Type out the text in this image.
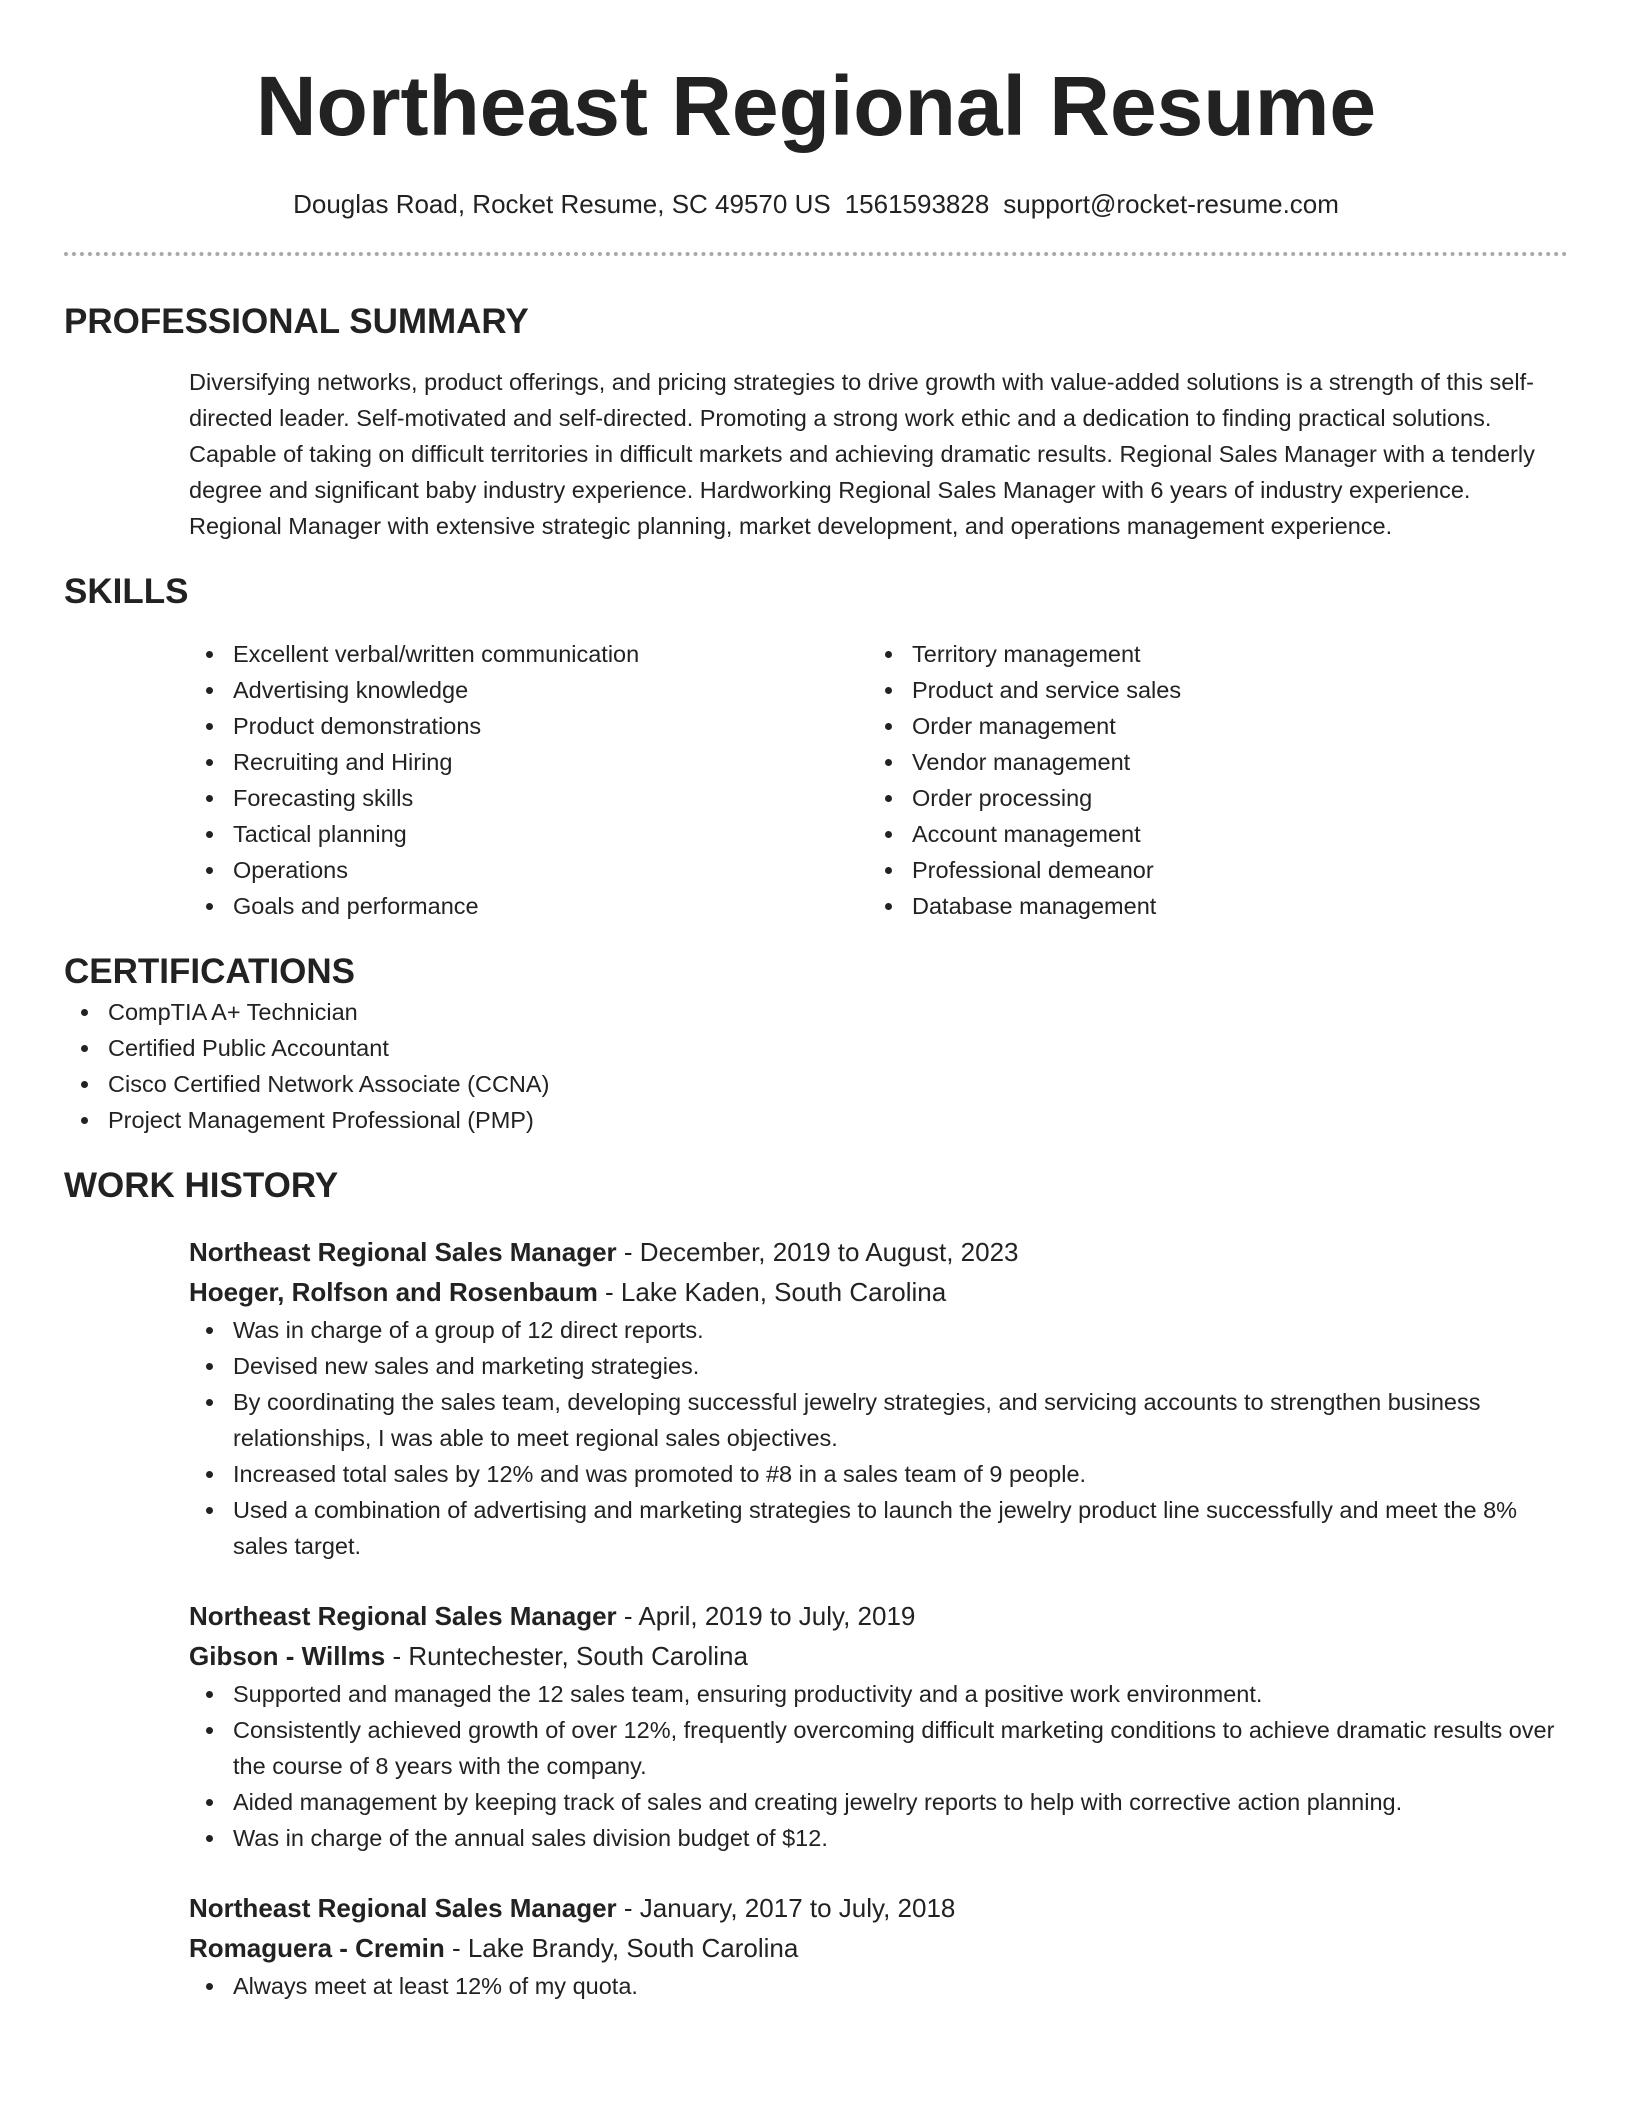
Northeast Regional Resume
Douglas Road, Rocket Resume, SC 49570 US 1561593828 support@rocket-resume.com
PROFESSIONAL SUMMARY

Diversifying networks, product offerings, and pricing strategies to drive growth with value-added solutions is a strength of this self-directed leader. Self-motivated and self-directed. Promoting a strong work ethic and a dedication to finding practical solutions. Capable of taking on difficult territories in difficult markets and achieving dramatic results. Regional Sales Manager with a tenderly degree and significant baby industry experience. Hardworking Regional Sales Manager with 6 years of industry experience. Regional Manager with extensive strategic planning, market development, and operations management experience.

SKILLS
Excellent verbal/written communication
Advertising knowledge
Product demonstrations
Recruiting and Hiring
Forecasting skills
Tactical planning
Operations
Goals and performance
Territory management
Product and service sales
Order management
Vendor management
Order processing
Account management
Professional demeanor
Database management
CERTIFICATIONS
CompTIA A+ Technician
Certified Public Accountant
Cisco Certified Network Associate (CCNA)
Project Management Professional (PMP)
WORK HISTORY
Northeast Regional Sales Manager - December, 2019 to August, 2023
Hoeger, Rolfson and Rosenbaum - Lake Kaden, South Carolina
Was in charge of a group of 12 direct reports.
Devised new sales and marketing strategies.
By coordinating the sales team, developing successful jewelry strategies, and servicing accounts to strengthen business relationships, I was able to meet regional sales objectives.
Increased total sales by 12% and was promoted to #8 in a sales team of 9 people.
Used a combination of advertising and marketing strategies to launch the jewelry product line successfully and meet the 8% sales target.
Northeast Regional Sales Manager - April, 2019 to July, 2019
Gibson - Willms - Runtechester, South Carolina
Supported and managed the 12 sales team, ensuring productivity and a positive work environment.
Consistently achieved growth of over 12%, frequently overcoming difficult marketing conditions to achieve dramatic results over the course of 8 years with the company.
Aided management by keeping track of sales and creating jewelry reports to help with corrective action planning.
Was in charge of the annual sales division budget of $12.
Northeast Regional Sales Manager - January, 2017 to July, 2018
Romaguera - Cremin - Lake Brandy, South Carolina
Always meet at least 12% of my quota.
